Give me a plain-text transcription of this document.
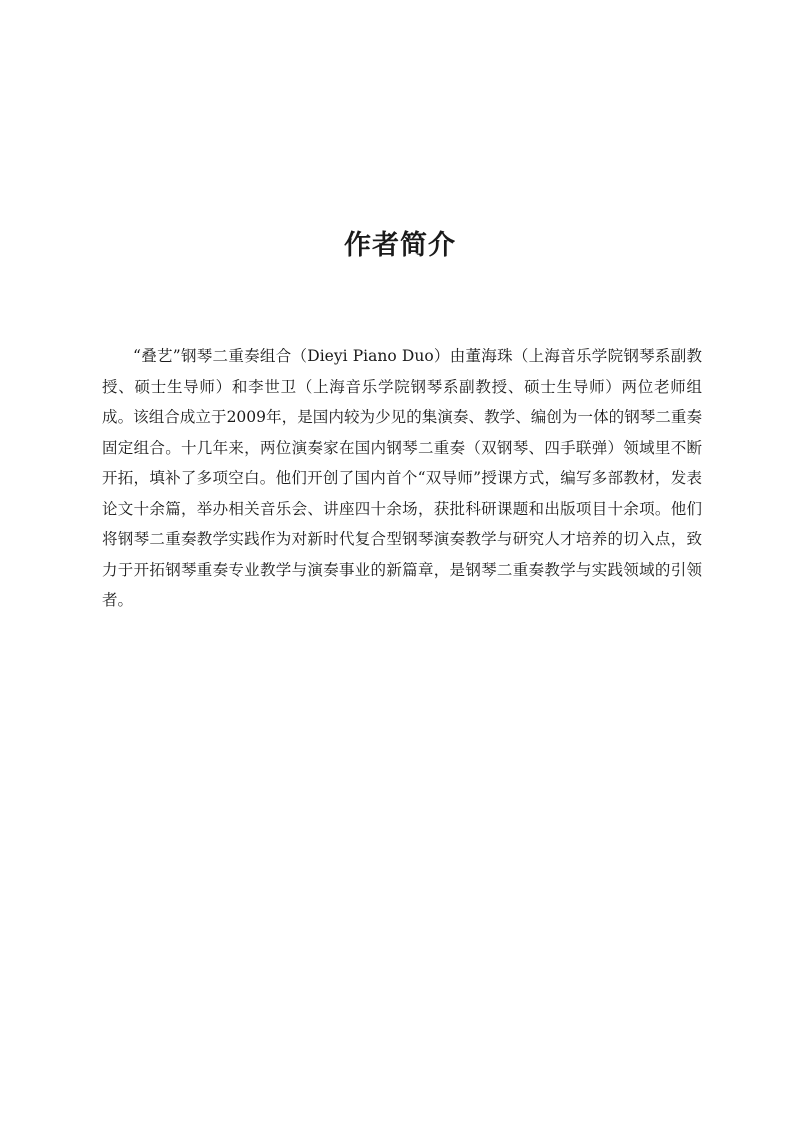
作者简介

“叠艺”钢琴二重奏组合（Dieyi Piano Duo）由董海珠（上海音乐学院钢琴系副教授、硕士生导师）和李世卫（上海音乐学院钢琴系副教授、硕士生导师）两位老师组成。该组合成立于2009年，是国内较为少见的集演奏、教学、编创为一体的钢琴二重奏固定组合。十几年来，两位演奏家在国内钢琴二重奏（双钢琴、四手联弹）领域里不断开拓，填补了多项空白。他们开创了国内首个“双导师”授课方式，编写多部教材，发表论文十余篇，举办相关音乐会、讲座四十余场，获批科研课题和出版项目十余项。他们将钢琴二重奏教学实践作为对新时代复合型钢琴演奏教学与研究人才培养的切入点，致力于开拓钢琴重奏专业教学与演奏事业的新篇章，是钢琴二重奏教学与实践领域的引领者。
